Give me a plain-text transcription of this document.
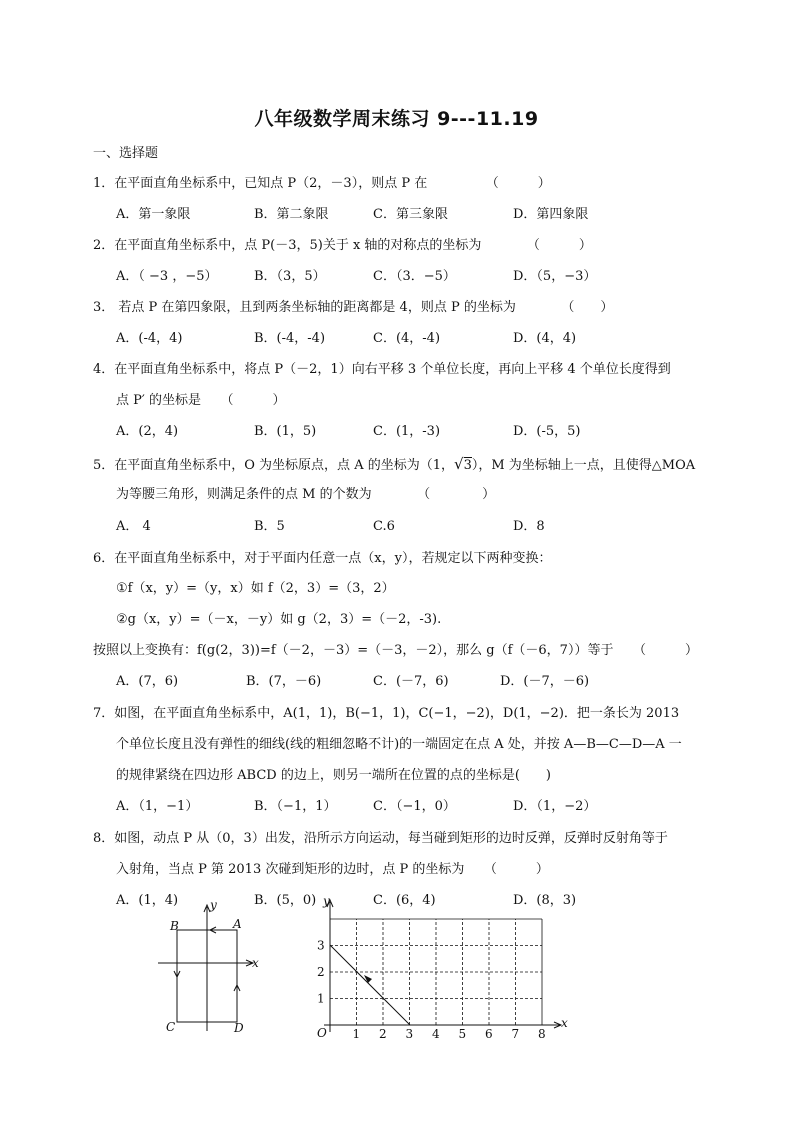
八年级数学周末练习 9---11.19
一、选择题
1．在平面直角坐标系中，已知点 P（2，－3），则点 P 在　　　　　（　　　）
A．第一象限	B．第二象限	C．第三象限	D．第四象限
2．在平面直角坐标系中，点 P(－3，5)关于 x 轴的对称点的坐标为　　　　（　　　）
A．（ −3 ，−5）	B．（3，5）	C．（3．−5）	D．（5，−3）
3． 若点 P 在第四象限，且到两条坐标轴的距离都是 4，则点 P 的坐标为　　　　（　　）
A．(-4，4)	B．(-4，-4)	C．(4，-4)	D．(4，4)
4．在平面直角坐标系中，将点 P（－2，1）向右平移 3 个单位长度，再向上平移 4 个单位长度得到
点 P′ 的坐标是　　（　　　）
A．(2，4)	B．(1，5)	C．(1，-3)	D．(-5，5)
5．在平面直角坐标系中，O 为坐标原点，点 A 的坐标为（1，√3），M 为坐标轴上一点，且使得△MOA
为等腰三角形，则满足条件的点 M 的个数为　　　　（　　　　）
A． 4	B．5	C.6	D．8
6．在平面直角坐标系中，对于平面内任意一点（x，y），若规定以下两种变换：
①f（x，y）=（y，x）如 f（2，3）=（3，2）
②g（x，y）=（－x，－y）如 g（2，3）=（－2，-3).
按照以上变换有：f(g(2，3))=f（－2，－3）=（－3，－2），那么 g（f（－6，7））等于　　（　　　）
A．(7，6)	B．(7，－6)	C．(－7，6)	D．(－7，－6)
7．如图，在平面直角坐标系中，A(1，1)，B(−1，1)，C(−1，−2)，D(1，−2)．把一条长为 2013
个单位长度且没有弹性的细线(线的粗细忽略不计)的一端固定在点 A 处，并按 A—B—C—D—A 一
的规律紧绕在四边形 ABCD 的边上，则另一端所在位置的点的坐标是(　　)
A．（1，−1）	B．（−1，1）	C．（−1，0）	D．（1，−2）
8．如图，动点 P 从（0，3）出发，沿所示方向运动，每当碰到矩形的边时反弹，反弹时反射角等于
入射角，当点 P 第 2013 次碰到矩形的边时，点 P 的坐标为　　（　　　）
A．(1，4)	B．(5，0)	C．(6，4)	D．(8，3)
A
B
C	D
x
y
O
x
y
1 2 3 4 5 6 7 8
1
2
3
